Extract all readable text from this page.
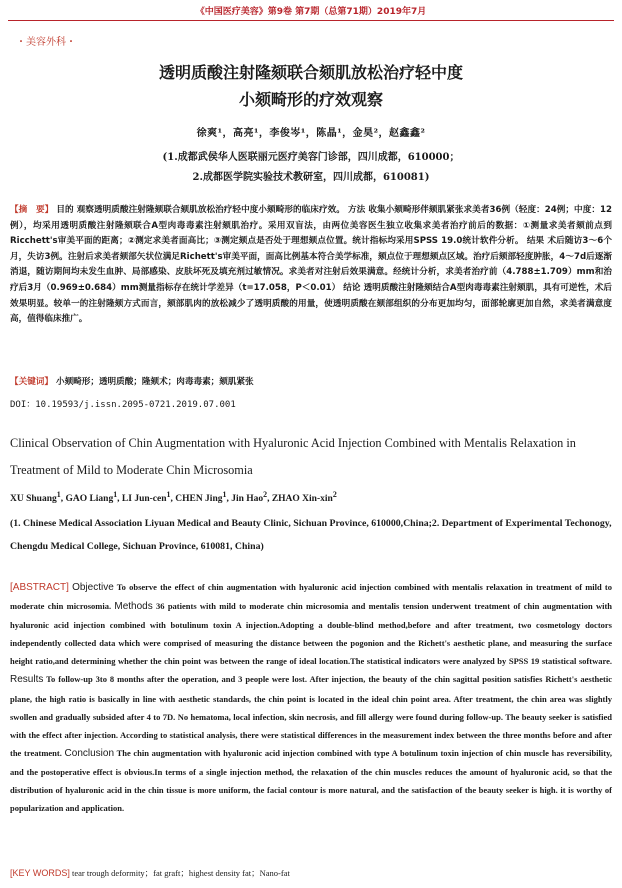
《中国医疗美容》第9卷 第7期（总第71期）2019年7月
・美容外科・
透明质酸注射隆颏联合颏肌放松治疗轻中度
小颏畸形的疗效观察
徐爽¹，高亮¹，李俊岑¹，陈晶¹，金昊²，赵鑫鑫²
(1.成都武侯华人医联丽元医疗美容门诊部，四川成都，610000；
2.成都医学院实验技术教研室，四川成都，610081)
【摘　要】 目的 观察透明质酸注射隆颏联合颏肌放松治疗轻中度小颏畸形的临床疗效。 方法 收集小颏畸形伴颏肌紧张求美者36例（轻度：24例；中度：12例），均采用透明质酸注射隆颏联合A型肉毒毒素注射颏肌治疗。采用双盲法，由两位美容医生独立收集求美者治疗前后的数据：①测量求美者颏前点到Ricchett's审美平面的距离；②测定求美者面高比；③测定颏点是否处于理想颏点位置。统计指标均采用SPSS 19.0统计软件分析。 结果 术后随访3～6个月，失访3例。注射后求美者颏部矢状位满足Richett's审美平面，面高比例基本符合美学标准，颏点位于理想颏点区域。治疗后颏部轻度肿胀，4～7d后逐渐消退，随访期间均未发生血肿、局部感染、皮肤坏死及填充剂过敏情况。求美者对注射后效果满意。经统计分析，求美者治疗前（4.788±1.709）mm和治疗后3月（0.969±0.684）mm测量指标存在统计学差异（t=17.058，P＜0.01） 结论 透明质酸注射隆颏结合A型肉毒毒素注射颏肌，具有可逆性，术后效果明显。较单一的注射隆颏方式而言，颏部肌肉的放松减少了透明质酸的用量，使透明质酸在颏部组织的分布更加均匀，面部轮廓更加自然，求美者满意度高，值得临床推广。
【关键词】 小颏畸形；透明质酸；隆颏术；肉毒毒素；颏肌紧张
DOI：10.19593/j.issn.2095-0721.2019.07.001
Clinical Observation of Chin Augmentation with Hyaluronic Acid Injection Combined with Mentalis Relaxation in Treatment of Mild to Moderate Chin Microsomia
XU Shuang$^1$, GAO Liang$^1$, LI Jun-cen$^1$, CHEN Jing$^1$, Jin Hao$^2$, ZHAO Xin-xin$^2$
(1. Chinese Medical Association Liyuan Medical and Beauty Clinic, Sichuan Province, 610000,China;2. Department of Experimental Techonogy, Chengdu Medical College, Sichuan Province, 610081, China)
[ABSTRACT] Objective To observe the effect of chin augmentation with hyaluronic acid injection combined with mentalis relaxation in treatment of mild to moderate chin microsomia. Methods 36 patients with mild to moderate chin microsomia and mentalis tension underwent treatment of chin augmentation with hyaluronic acid injection combined with botulinum toxin A injection.Adopting a double-blind method,before and after treatment, two cosmetology doctors independently collected data which were comprised of measuring the distance between the pogonion and the Richett's aesthetic plane, and measuring the surface height ratio,and determining whether the chin point was between the range of ideal location.The statistical indicators were analyzed by SPSS 19 statistical software. Results To follow-up 3to 8 months after the operation, and 3 people were lost. After injection, the beauty of the chin sagittal position satisfies Richett's aesthetic plane, the high ratio is basically in line with aesthetic standards, the chin point is located in the ideal chin point area. After treatment, the chin area was slightly swollen and gradually subsided after 4 to 7D. No hematoma, local infection, skin necrosis, and fill allergy were found during follow-up. The beauty seeker is satisfied with the effect after injection. According to statistical analysis, there were statistical differences in the measurement index between the three months before and after the treatment. Conclusion The chin augmentation with hyaluronic acid injection combined with type A botulinum toxin injection of chin muscle has reversibility, and the postoperative effect is obvious.In terms of a single injection method, the relaxation of the chin muscles reduces the amount of hyaluronic acid, so that the distribution of hyaluronic acid in the chin tissue is more uniform, the facial contour is more natural, and the satisfaction of the beauty seeker is high. it is worthy of popularization and application.
[KEY WORDS] tear trough deformity；fat graft；highest density fat；Nano-fat
